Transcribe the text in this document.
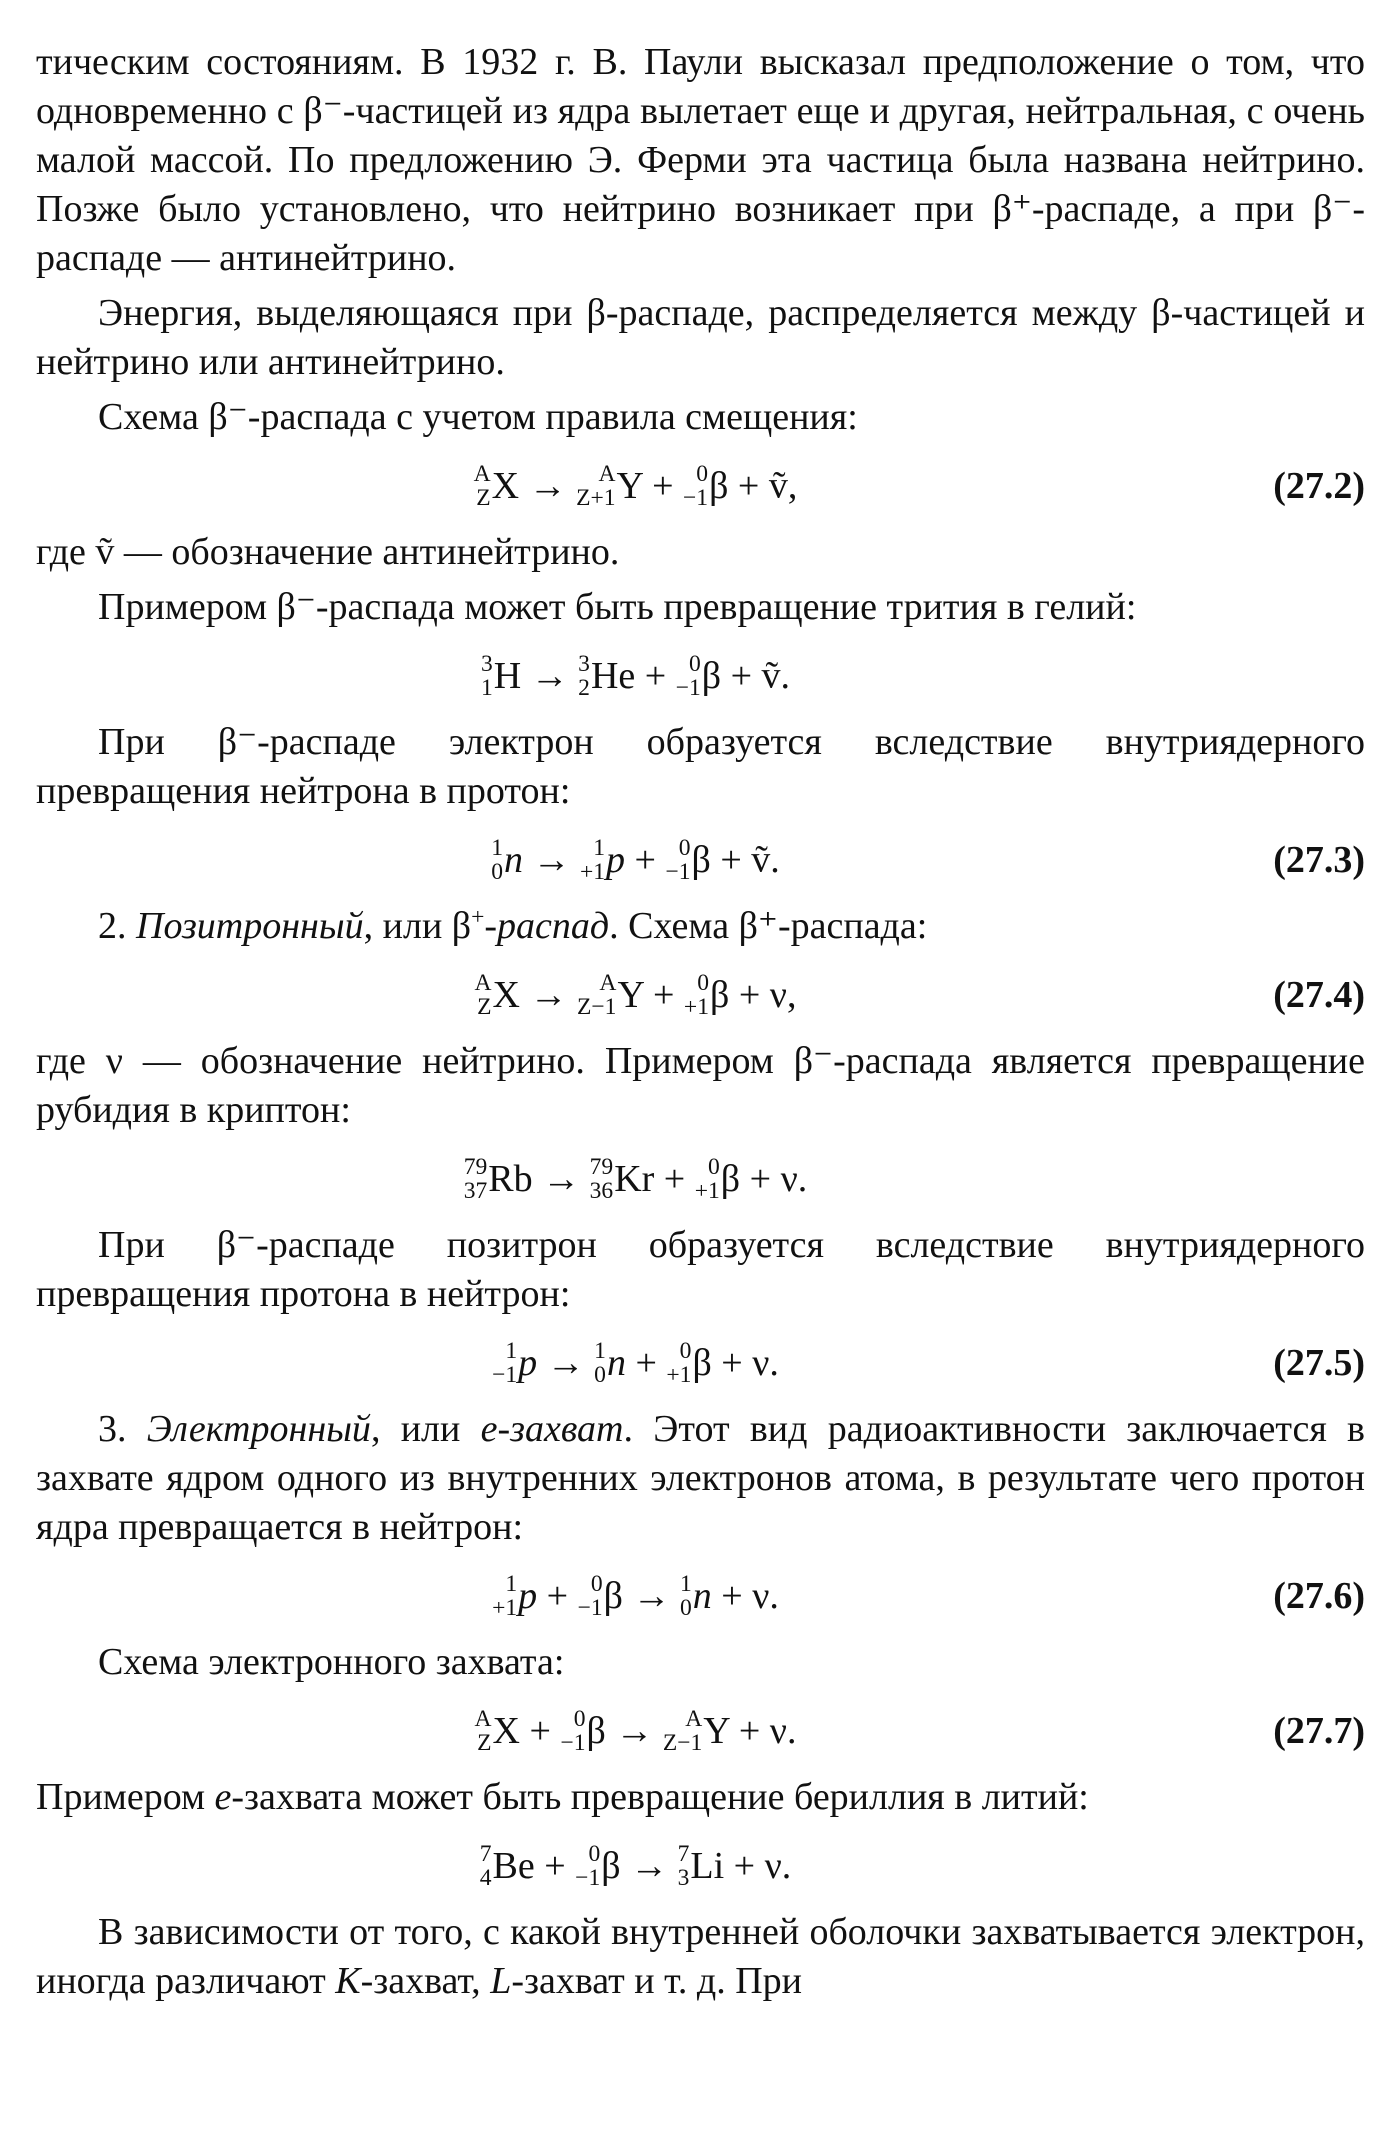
тическим состояниям. В 1932 г. В. Паули высказал предположение о том, что одновременно с β⁻-частицей из ядра вылетает еще и другая, нейтральная, с очень малой массой. По предложению Э. Ферми эта частица была названа нейтрино. Позже было установлено, что нейтрино возникает при β⁺-распаде, а при β⁻-распаде — антинейтрино.

Энергия, выделяющаяся при β-распаде, распределяется между β-частицей и нейтрино или антинейтрино.

Схема β⁻-распада с учетом правила смещения:

A
Z X → A
Z+1 Y + 0
−1 β + ṽ,	(27.2)

где ṽ — обозначение антинейтрино.

Примером β⁻-распада может быть превращение трития в гелий:

3
1 H → 3
2 He + 0
−1 β + ṽ.

При β⁻-распаде электрон образуется вследствие внутриядерного превращения нейтрона в протон:

1
0 n → 1
+1 p + 0
−1 β + ṽ.	(27.3)

2. Позитронный, или β+-распад. Схема β⁺-распада:

A
Z X → A
Z−1 Y + 0
+1 β + ν,	(27.4)

где ν — обозначение нейтрино. Примером β⁻-распада является превращение рубидия в криптон:

79
37 Rb → 79
36 Kr + 0
+1 β + ν.

При β⁻-распаде позитрон образуется вследствие внутриядерного превращения протона в нейтрон:

1
−1 p → 1
0 n + 0
+1 β + ν.	(27.5)

3. Электронный, или e-захват. Этот вид радиоактивности заключается в захвате ядром одного из внутренних электронов атома, в результате чего протон ядра превращается в нейтрон:

1
+1 p + 0
−1 β → 1
0 n + ν.	(27.6)

Схема электронного захвата:

A
Z X + 0
−1 β → A
Z−1 Y + ν.	(27.7)

Примером e-захвата может быть превращение бериллия в литий:

7
4 Be + 0
−1 β → 7
3 Li + ν.

В зависимости от того, с какой внутренней оболочки захватывается электрон, иногда различают K-захват, L-захват и т. д. При
